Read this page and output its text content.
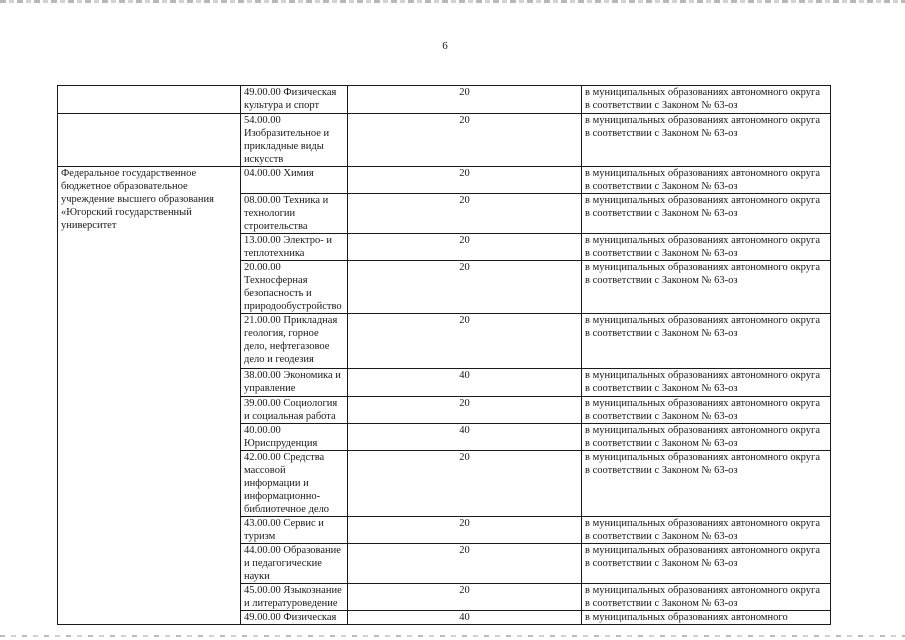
6
	49.00.00 Физическая культура и спорт	20	в муниципальных образованиях автономного округа в соответствии с Законом № 63-оз
	54.00.00 Изобразительное и прикладные виды искусств	20	в муниципальных образованиях автономного округа в соответствии с Законом № 63-оз
Федеральное государственное бюджетное образовательное учреждение высшего образования «Югорский государственный университет	04.00.00 Химия	20	в муниципальных образованиях автономного округа в соответствии с Законом № 63-оз
	08.00.00 Техника и технологии строительства	20	в муниципальных образованиях автономного округа в соответствии с Законом № 63-оз
	13.00.00 Электро- и теплотехника	20	в муниципальных образованиях автономного округа в соответствии с Законом № 63-оз
	20.00.00 Техносферная безопасность и природообустройство	20	в муниципальных образованиях автономного округа в соответствии с Законом № 63-оз
	21.00.00 Прикладная геология, горное дело, нефтегазовое дело и геодезия	20	в муниципальных образованиях автономного округа в соответствии с Законом № 63-оз
	38.00.00 Экономика и управление	40	в муниципальных образованиях автономного округа в соответствии с Законом № 63-оз
	39.00.00 Социология и социальная работа	20	в муниципальных образованиях автономного округа в соответствии с Законом № 63-оз
	40.00.00 Юриспруденция	40	в муниципальных образованиях автономного округа в соответствии с Законом № 63-оз
	42.00.00 Средства массовой информации и информационно-библиотечное дело	20	в муниципальных образованиях автономного округа в соответствии с Законом № 63-оз
	43.00.00 Сервис и туризм	20	в муниципальных образованиях автономного округа в соответствии с Законом № 63-оз
	44.00.00 Образование и педагогические науки	20	в муниципальных образованиях автономного округа в соответствии с Законом № 63-оз
	45.00.00 Языкознание и литературоведение	20	в муниципальных образованиях автономного округа в соответствии с Законом № 63-оз
	49.00.00 Физическая	40	в муниципальных образованиях автономного
